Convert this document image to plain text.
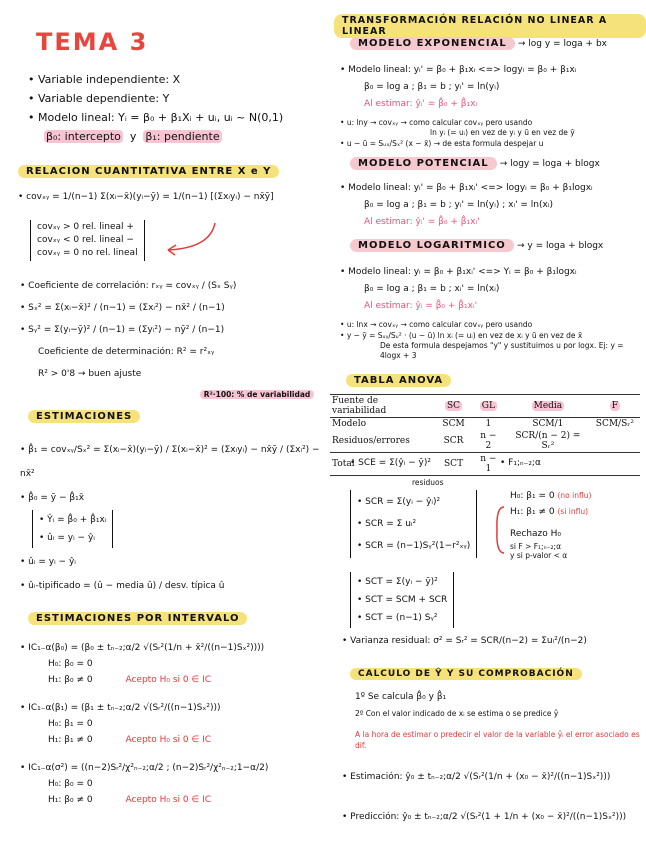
TEMA 3
• Variable independiente: X
• Variable dependiente: Y
• Modelo lineal: Yᵢ = β₀ + β₁Xᵢ + uᵢ, uᵢ ~ N(0,1)
β₀: intercepto  y  β₁: pendiente
RELACION CUANTITATIVA ENTRE X e Y
• covₓᵧ = 1/(n−1) Σ(xᵢ−x̄)(yᵢ−ȳ) = 1/(n−1) [(Σxᵢyᵢ) − nx̄ȳ]
covₓᵧ > 0 rel. lineal +
covₓᵧ < 0 rel. lineal −
covₓᵧ = 0 no rel. lineal
• Coeficiente de correlación: rₓᵧ = covₓᵧ / (Sₓ Sᵧ)
• Sₓ² = Σ(xᵢ−x̄)² / (n−1) = (Σxᵢ²) − nx̄² / (n−1)
• Sᵧ² = Σ(yᵢ−ȳ)² / (n−1) = (Σyᵢ²) − nȳ² / (n−1)
Coeficiente de determinación: R² = r²ₓᵧ
R² > 0'8 → buen ajuste
R²·100: % de variabilidad
ESTIMACIONES
• β̂₁ = covₓᵧ/Sₓ² = Σ(xᵢ−x̄)(yᵢ−ȳ) / Σ(xᵢ−x̄)² = (Σxᵢyᵢ) − nx̄ȳ / (Σxᵢ²) − nx̄²
• β̂₀ = ȳ − β̂₁x̄
• Ŷᵢ = β̂₀ + β̂₁xᵢ
• ûᵢ = yᵢ − ŷᵢ
• ûᵢ = yᵢ − ŷᵢ
• ûᵢ-tipificado = (û − media û) / desv. típica û
ESTIMACIONES POR INTERVALO
• IC₁₋α(β₀) = (β₀ ± tₙ₋₂;α/2 √(Sᵣ²(1/n + x̄²/((n−1)Sₓ²))))
H₀: β₀ = 0
H₁: β₀ ≠ 0	Acepto H₀ si 0 ∈ IC
• IC₁₋α(β₁) = (β₁ ± tₙ₋₂;α/2 √(Sᵣ²/((n−1)Sₓ²)))
H₀: β₁ = 0
H₁: β₁ ≠ 0	Acepto H₀ si 0 ∈ IC
• IC₁₋α(σ²) = ((n−2)Sᵣ²/χ²ₙ₋₂;α/2 ; (n−2)Sᵣ²/χ²ₙ₋₂;1−α/2)
H₀: β₀ = 0
H₁: β₀ ≠ 0	Acepto H₀ si 0 ∈ IC
TRANSFORMACIÓN RELACIÓN NO LINEAR A LINEAR
MODELO EXPONENCIAL → log y = loga + bx
• Modelo lineal: yᵢ' = β₀ + β₁xᵢ <=> logyᵢ = β₀ + β₁xᵢ
β₀ = log a ; β₁ = b ; yᵢ' = ln(yᵢ)
Al estimar: ŷᵢ' = β̂₀ + β̂₁xᵢ
• u: lny → covₓᵧ → como calcular covₓᵧ pero usando
ln yᵢ (= uᵢ) en vez de yᵢ y ū en vez de ȳ
• u − ū = Sᵤₓ/Sₓ² (x − x̄) → de esta formula despejar u
MODELO POTENCIAL → logy = loga + blogx
• Modelo lineal: yᵢ' = β₀ + β₁xᵢ' <=> logyᵢ = β₀ + β₁logxᵢ
β₀ = log a ; β₁ = b ; yᵢ' = ln(yᵢ) ; xᵢ' = ln(xᵢ)
Al estimar: ŷᵢ' = β̂₀ + β̂₁xᵢ'
MODELO LOGARITMICO → y = loga + blogx
• Modelo lineal: yᵢ = β₀ + β₁xᵢ' <=> Yᵢ = β₀ + β₁logxᵢ
β₀ = log a ; β₁ = b ; xᵢ' = ln(xᵢ)
Al estimar: ŷᵢ = β̂₀ + β̂₁xᵢ'
• u: lnx → covₓᵧ → como calcular covₓᵧ pero usando
• y − ȳ = Sᵤᵧ/Sᵤ² · (u − ū) ln xᵢ (= uᵢ) en vez de xᵢ y ū en vez de x̄
De esta formula despejamos "y" y sustituimos u por logx. Ej: y = 4logx + 3
TABLA ANOVA
Fuente de variabilidad	SC	GL	Media	F
Modelo	SCM	1	SCM/1	SCM/Sᵣ²
Residuos/errores	SCR	n − 2	SCR/(n − 2) = Sᵣ²	
Total	SCT	n − 1		
• SCE = Σ(ŷᵢ − ȳ)²	• F₁;ₙ₋₂;α
residuos
• SCR = Σ(yᵢ − ŷᵢ)²
• SCR = Σ uᵢ²
• SCR = (n−1)Sᵧ²(1−r²ₓᵧ)
H₀: β₁ = 0 (no influ)
H₁: β₁ ≠ 0 (si influ)
Rechazo H₀
si F > F₁;ₙ₋₂;α
y si p-valor < α
• SCT = Σ(yᵢ − ȳ)²
• SCT = SCM + SCR
• SCT = (n−1) Sᵧ²
• Varianza residual: σ² = Sᵣ² = SCR/(n−2) = Σuᵢ²/(n−2)
CALCULO DE Ŷ Y SU COMPROBACIÓN
1º Se calcula β̂₀ y β̂₁
2º Con el valor indicado de xᵢ se estima o se predice ŷ
A la hora de estimar o predecir el valor de la variable ŷᵢ el error asociado es dif.
• Estimación: ŷ₀ ± tₙ₋₂;α/2 √(Sᵣ²(1/n + (x₀ − x̄)²/((n−1)Sₓ²)))
• Predicción: ŷ₀ ± tₙ₋₂;α/2 √(Sᵣ²(1 + 1/n + (x₀ − x̄)²/((n−1)Sₓ²)))
